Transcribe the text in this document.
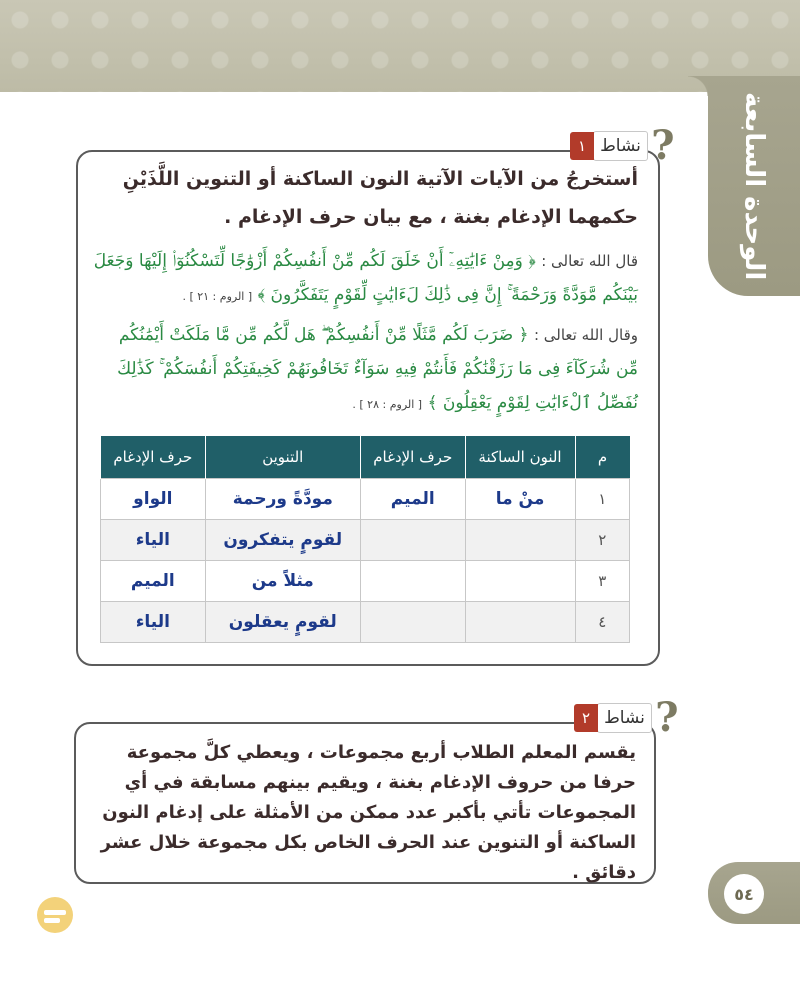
الوحدة السابعة
?
نشاط
١
أستخرجُ من الآيات الآتية النون الساكنة أو التنوين اللَّذَيْنِ حكمهما الإدغام بغنة ، مع بيان حرف الإدغام .
قال الله تعالى : ﴿ وَمِنْ ءَايَٰتِهِۦٓ أَنْ خَلَقَ لَكُم مِّنْ أَنفُسِكُمْ أَزْوَٰجًا لِّتَسْكُنُوٓا۟ إِلَيْهَا وَجَعَلَ بَيْنَكُم مَّوَدَّةً وَرَحْمَةً ۚ إِنَّ فِى ذَٰلِكَ لَءَايَٰتٍ لِّقَوْمٍ يَتَفَكَّرُونَ ﴾ [ الروم : ٢١ ] .
وقال الله تعالى : ﴿ ضَرَبَ لَكُم مَّثَلًا مِّنْ أَنفُسِكُمْ ۖ هَل لَّكُم مِّن مَّا مَلَكَتْ أَيْمَٰنُكُم مِّن شُرَكَآءَ فِى مَا رَزَقْنَٰكُمْ فَأَنتُمْ فِيهِ سَوَآءٌ تَخَافُونَهُمْ كَخِيفَتِكُمْ أَنفُسَكُمْ ۚ كَذَٰلِكَ نُفَصِّلُ ٱلْءَايَٰتِ لِقَوْمٍ يَعْقِلُونَ ﴾ [ الروم : ٢٨ ] .
م	النون الساكنة	حرف الإدغام	التنوين	حرف الإدغام
١	منْ ما	الميم	مودَّةً ورحمة	الواو
٢			لقومٍ يتفكرون	الياء
٣			مثلاً من	الميم
٤			لقومٍ يعقلون	الياء
?
نشاط
٢
يقسم المعلم الطلاب أربع مجموعات ، ويعطي كلَّ مجموعة حرفا من حروف الإدغام بغنة ، ويقيم بينهم مسابقة في أي المجموعات تأتي بأكبر عدد ممكن من الأمثلة على إدغام النون الساكنة أو التنوين عند الحرف الخاص بكل مجموعة خلال عشر دقائق .
٥٤
